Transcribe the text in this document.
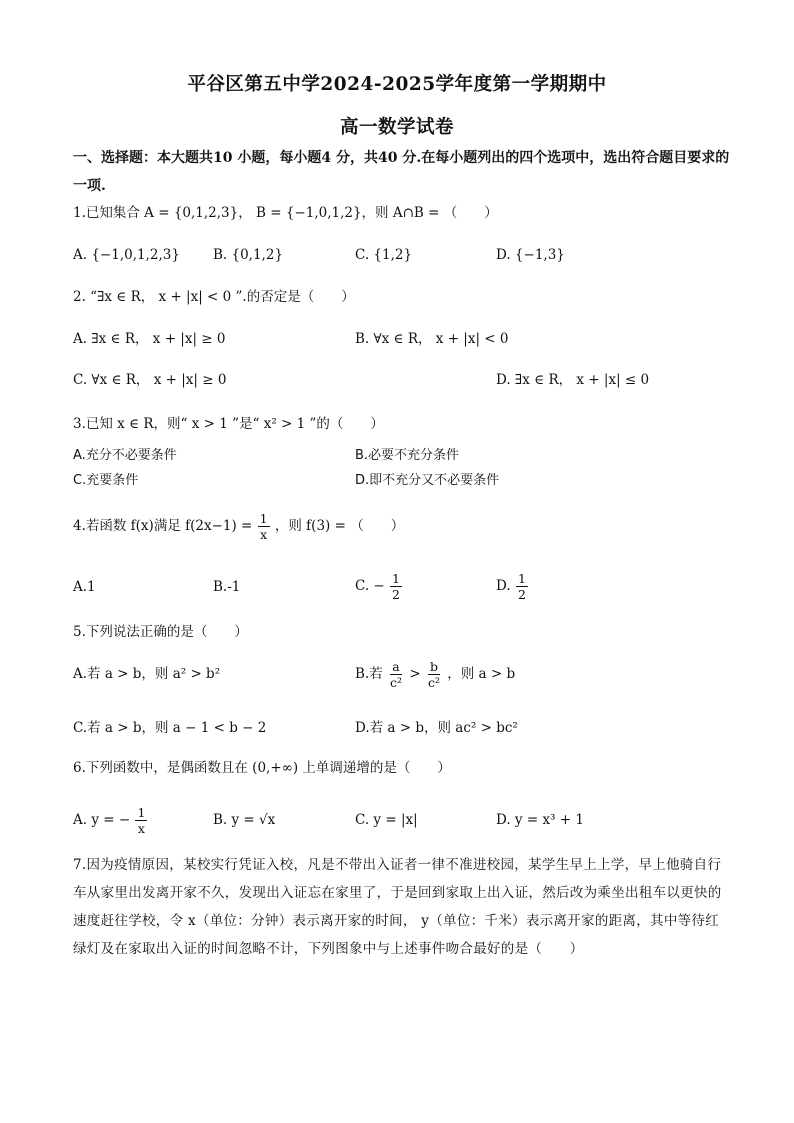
平谷区第五中学2024-2025学年度第一学期期中
高一数学试卷
一、选择题：本大题共10 小题，每小题4 分，共40 分.在每小题列出的四个选项中，选出符合题目要求的一项.
1.已知集合 A = {0,1,2,3}， B = {−1,0,1,2}，则 A∩B = （　　）
A. {−1,0,1,2,3} B. {0,1,2}	C. {1,2}	D. {−1,3}
2. “∃x ∈ R， x + |x| < 0 ”.的否定是（　　）
A. ∃x ∈ R， x + |x| ≥ 0	B. ∀x ∈ R， x + |x| < 0
C. ∀x ∈ R， x + |x| ≥ 0	D. ∃x ∈ R， x + |x| ≤ 0
3.已知 x ∈ R，则“ x > 1 ”是“ x² > 1 ”的（　　）
A.充分不必要条件	B.必要不充分条件
C.充要条件	D.即不充分又不必要条件
4.若函数 f(x)满足 $f(2x-1) = \frac{1}{x}$ ，则 f(3) = （　　）
A.1	B.-1	C. − $\frac{1}{2}$	D. $\frac{1}{2}$
5.下列说法正确的是（　　）
A.若 a > b，则 a² > b²	B.若 $\frac{a}{\text{c²}} > \frac{b}{\text{c²}}$ ，则 a > b
C.若 a > b，则 a − 1 < b − 2	D.若 a > b，则 ac² > bc²
6.下列函数中，是偶函数且在 (0,+∞) 上单调递增的是（　　）
A. y = − $\frac{1}{x}$	B. y = √x	C. y = |x|	D. y = x³ + 1
7.因为疫情原因，某校实行凭证入校，凡是不带出入证者一律不准进校园，某学生早上上学，早上他骑自行车从家里出发离开家不久，发现出入证忘在家里了，于是回到家取上出入证，然后改为乘坐出租车以更快的速度赶往学校，令 x（单位：分钟）表示离开家的时间， y（单位：千米）表示离开家的距离，其中等待红绿灯及在家取出入证的时间忽略不计，下列图象中与上述事件吻合最好的是（　　）
